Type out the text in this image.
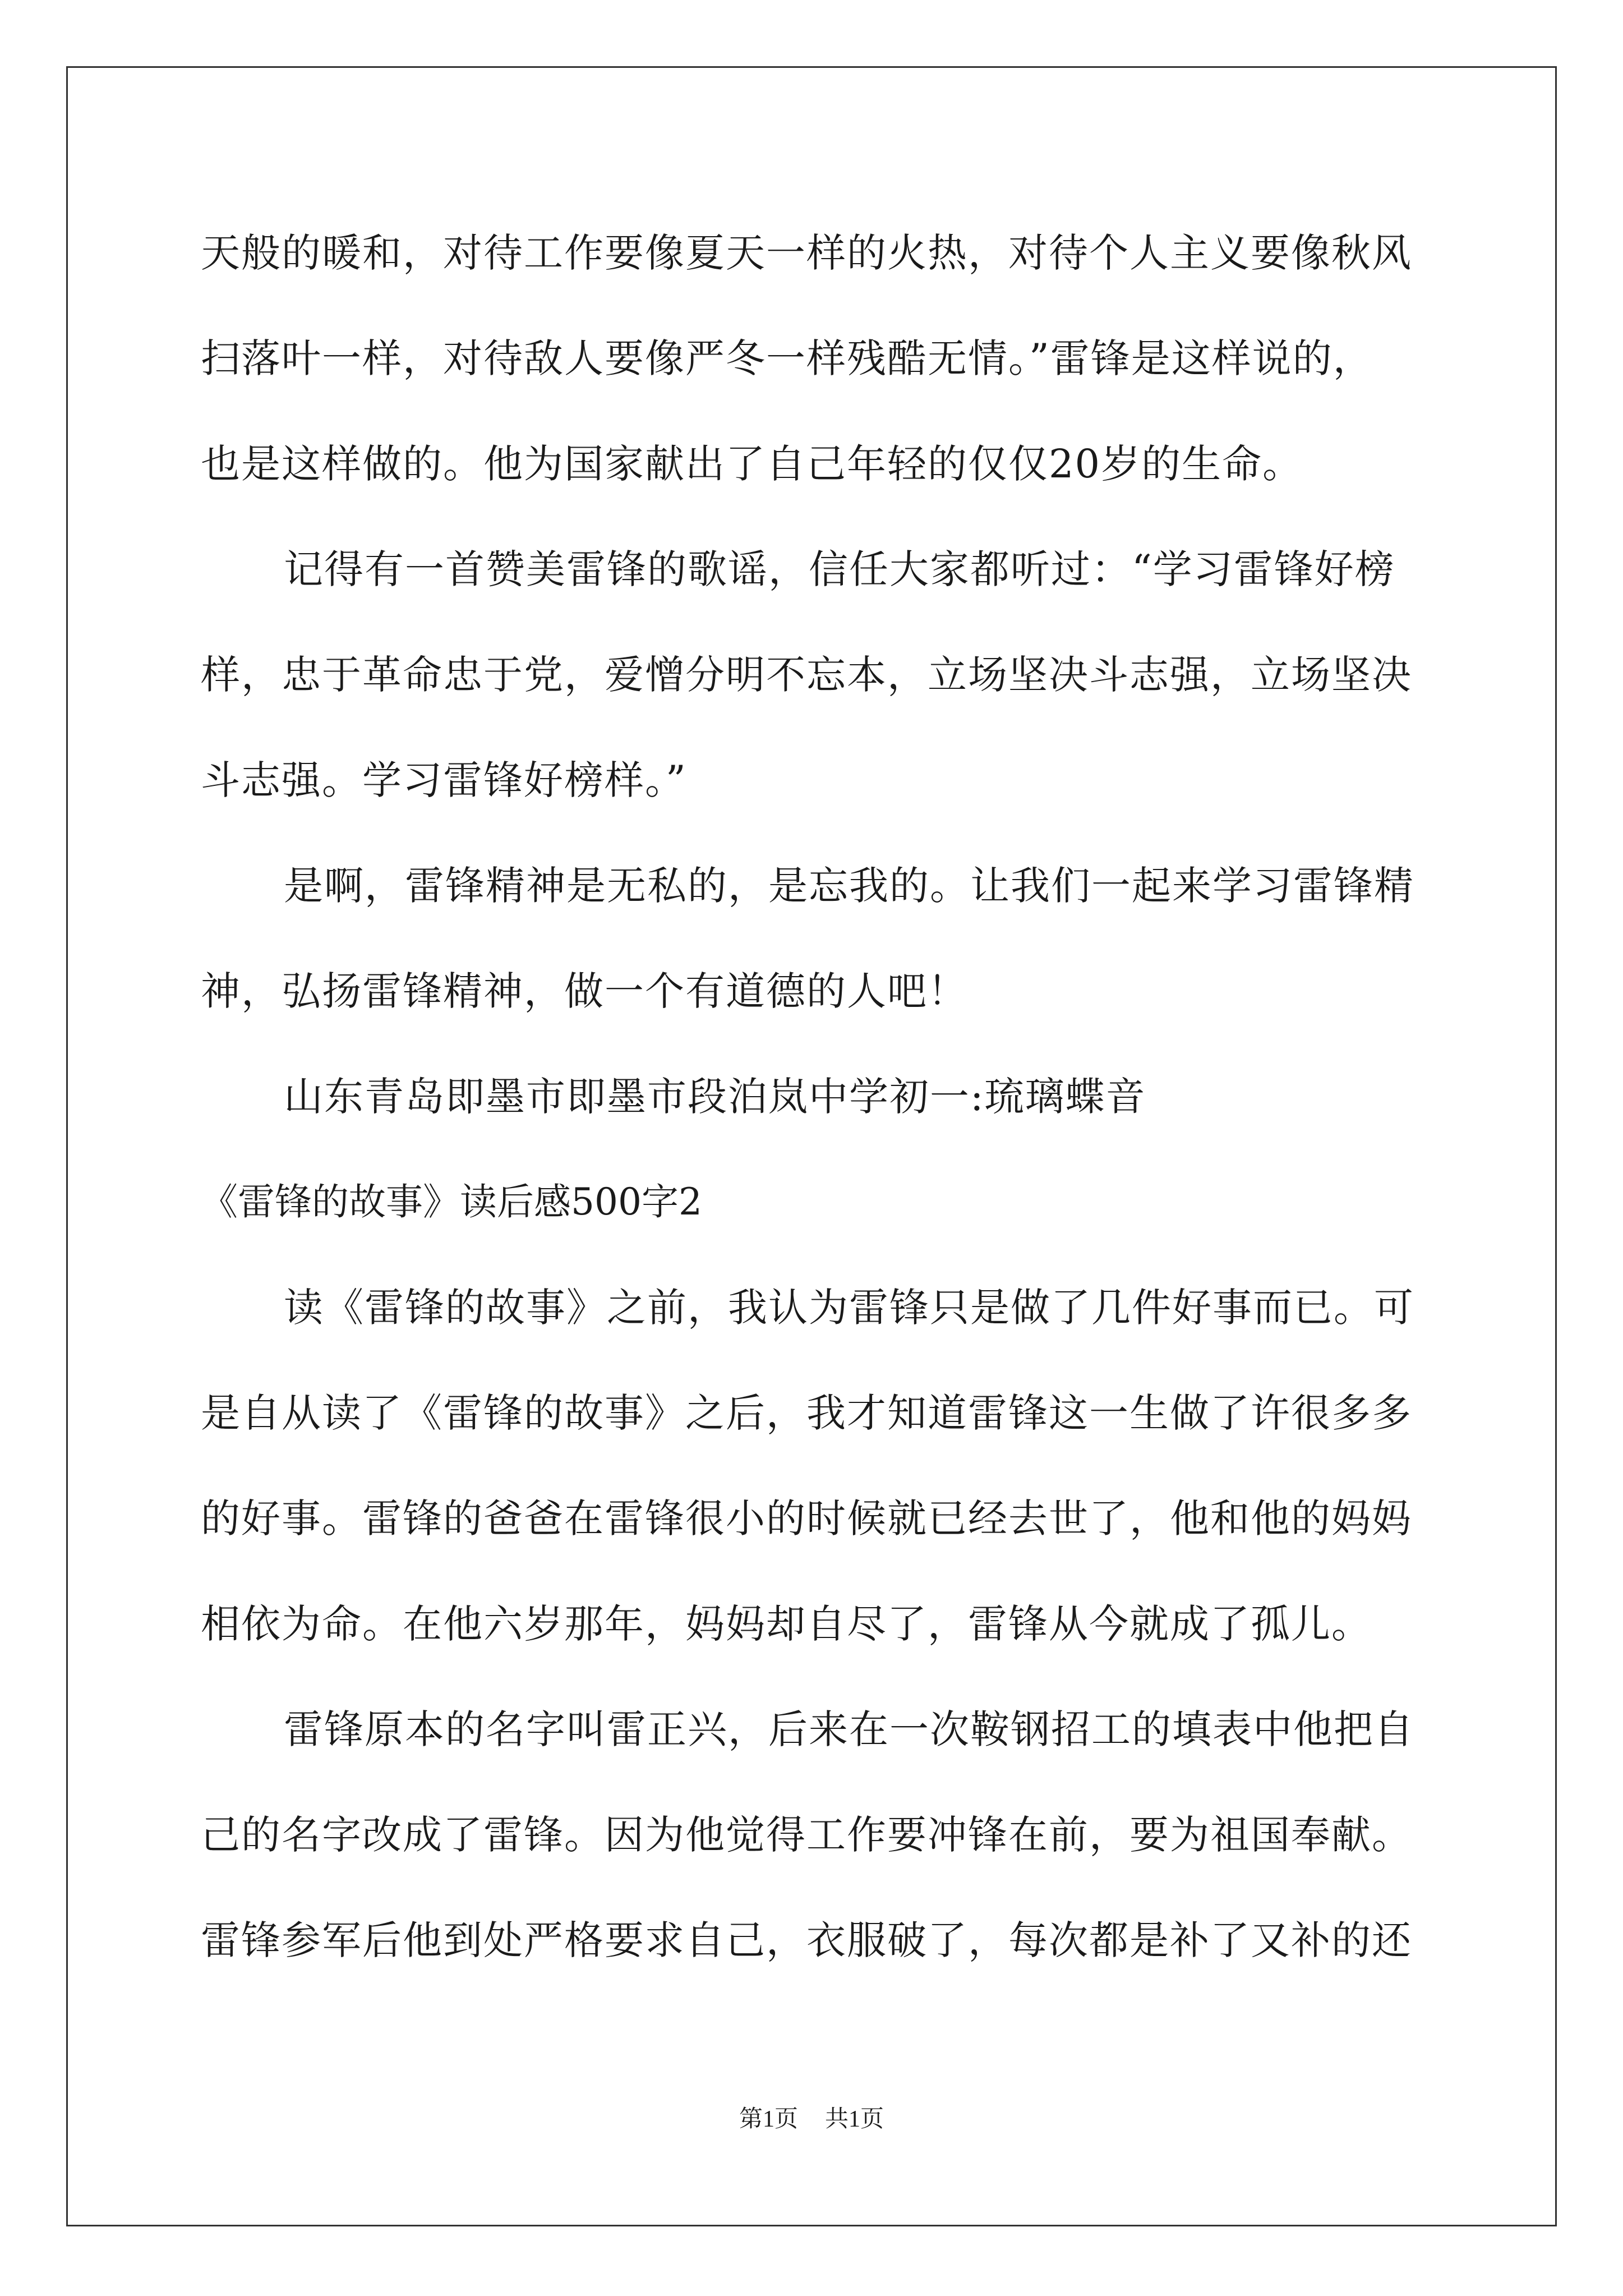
天般的暖和，对待工作要像夏天一样的火热，对待个人主义要像秋风
扫落叶一样，对待敌人要像严冬一样残酷无情。”雷锋是这样说的，
也是这样做的。他为国家献出了自己年轻的仅仅20岁的生命。
记得有一首赞美雷锋的歌谣，信任大家都听过：“学习雷锋好榜
样，忠于革命忠于党，爱憎分明不忘本，立场坚决斗志强，立场坚决
斗志强。学习雷锋好榜样。”
是啊，雷锋精神是无私的，是忘我的。让我们一起来学习雷锋精
神，弘扬雷锋精神，做一个有道德的人吧！
山东青岛即墨市即墨市段泊岚中学初一:琉璃蝶音
《雷锋的故事》读后感500字2
读《雷锋的故事》之前，我认为雷锋只是做了几件好事而已。可
是自从读了《雷锋的故事》之后，我才知道雷锋这一生做了许很多多
的好事。雷锋的爸爸在雷锋很小的时候就已经去世了，他和他的妈妈
相依为命。在他六岁那年，妈妈却自尽了，雷锋从今就成了孤儿。
雷锋原本的名字叫雷正兴，后来在一次鞍钢招工的填表中他把自
己的名字改成了雷锋。因为他觉得工作要冲锋在前，要为祖国奉献。
雷锋参军后他到处严格要求自己，衣服破了，每次都是补了又补的还
第1页 共1页
